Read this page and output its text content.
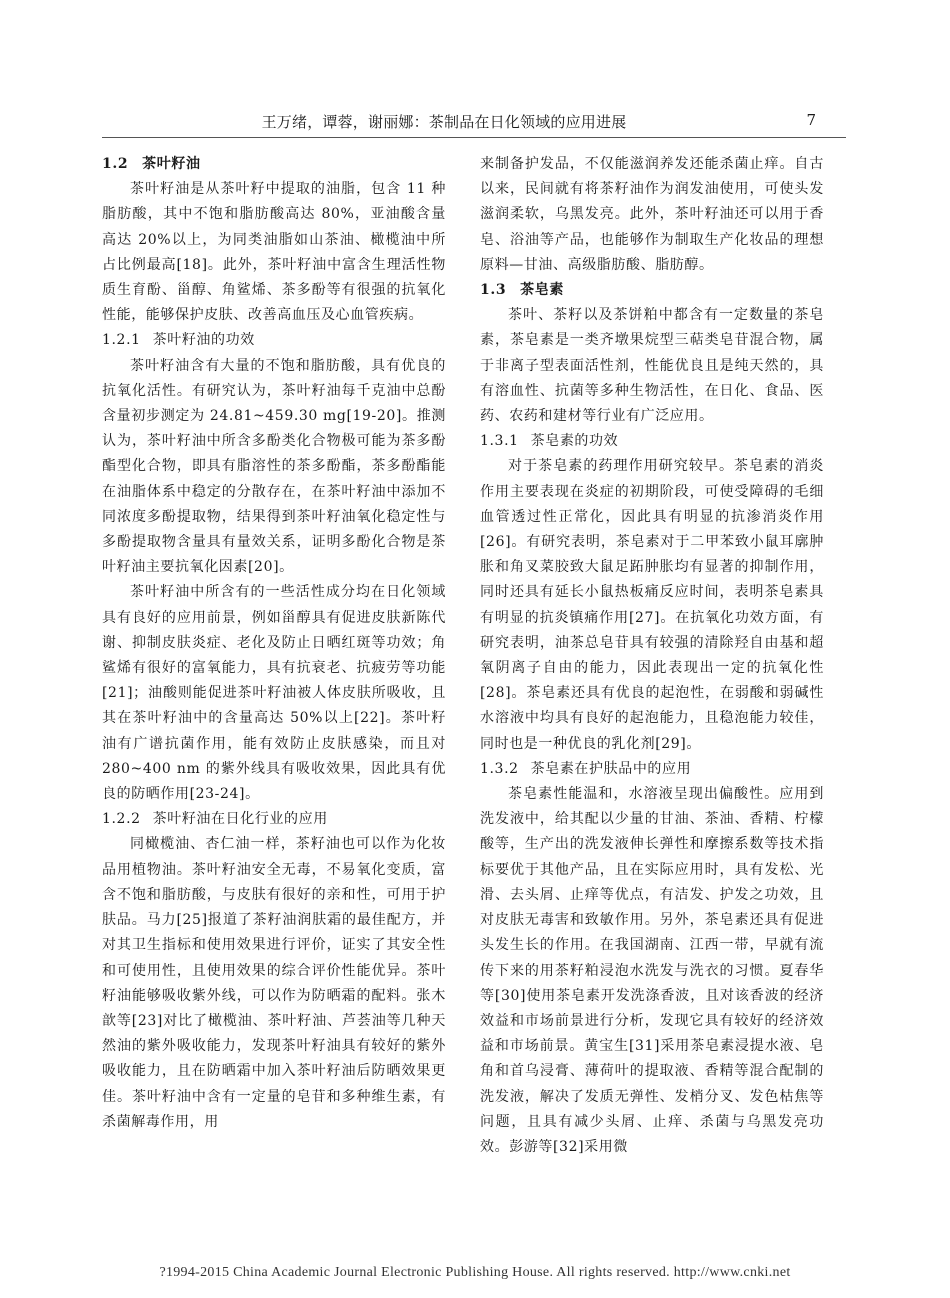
王万绪，谭蓉，谢丽娜：茶制品在日化领域的应用进展	7
1.2 茶叶籽油

茶叶籽油是从茶叶籽中提取的油脂，包含 11 种脂肪酸，其中不饱和脂肪酸高达 80%，亚油酸含量高达 20%以上，为同类油脂如山茶油、橄榄油中所占比例最高[18]。此外，茶叶籽油中富含生理活性物质生育酚、甾醇、角鲨烯、茶多酚等有很强的抗氧化性能，能够保护皮肤、改善高血压及心血管疾病。

1.2.1 茶叶籽油的功效

茶叶籽油含有大量的不饱和脂肪酸，具有优良的抗氧化活性。有研究认为，茶叶籽油每千克油中总酚含量初步测定为 24.81~459.30 mg[19-20]。推测认为，茶叶籽油中所含多酚类化合物极可能为茶多酚酯型化合物，即具有脂溶性的茶多酚酯，茶多酚酯能在油脂体系中稳定的分散存在，在茶叶籽油中添加不同浓度多酚提取物，结果得到茶叶籽油氧化稳定性与多酚提取物含量具有量效关系，证明多酚化合物是茶叶籽油主要抗氧化因素[20]。

茶叶籽油中所含有的一些活性成分均在日化领域具有良好的应用前景，例如甾醇具有促进皮肤新陈代谢、抑制皮肤炎症、老化及防止日晒红斑等功效；角鲨烯有很好的富氧能力，具有抗衰老、抗疲劳等功能[21]；油酸则能促进茶叶籽油被人体皮肤所吸收，且其在茶叶籽油中的含量高达 50%以上[22]。茶叶籽油有广谱抗菌作用，能有效防止皮肤感染，而且对 280~400 nm 的紫外线具有吸收效果，因此具有优良的防晒作用[23-24]。

1.2.2 茶叶籽油在日化行业的应用

同橄榄油、杏仁油一样，茶籽油也可以作为化妆品用植物油。茶叶籽油安全无毒，不易氧化变质，富含不饱和脂肪酸，与皮肤有很好的亲和性，可用于护肤品。马力[25]报道了茶籽油润肤霜的最佳配方，并对其卫生指标和使用效果进行评价，证实了其安全性和可使用性，且使用效果的综合评价性能优异。茶叶籽油能够吸收紫外线，可以作为防晒霜的配料。张木歆等[23]对比了橄榄油、茶叶籽油、芦荟油等几种天然油的紫外吸收能力，发现茶叶籽油具有较好的紫外吸收能力，且在防晒霜中加入茶叶籽油后防晒效果更佳。茶叶籽油中含有一定量的皂苷和多种维生素，有杀菌解毒作用，用

来制备护发品，不仅能滋润养发还能杀菌止痒。自古以来，民间就有将茶籽油作为润发油使用，可使头发滋润柔软，乌黑发亮。此外，茶叶籽油还可以用于香皂、浴油等产品，也能够作为制取生产化妆品的理想原料—甘油、高级脂肪酸、脂肪醇。

1.3 茶皂素

茶叶、茶籽以及茶饼粕中都含有一定数量的茶皂素，茶皂素是一类齐墩果烷型三萜类皂苷混合物，属于非离子型表面活性剂，性能优良且是纯天然的，具有溶血性、抗菌等多种生物活性，在日化、食品、医药、农药和建材等行业有广泛应用。

1.3.1 茶皂素的功效

对于茶皂素的药理作用研究较早。茶皂素的消炎作用主要表现在炎症的初期阶段，可使受障碍的毛细血管透过性正常化，因此具有明显的抗渗消炎作用[26]。有研究表明，茶皂素对于二甲苯致小鼠耳廓肿胀和角叉菜胶致大鼠足跖肿胀均有显著的抑制作用，同时还具有延长小鼠热板痛反应时间，表明茶皂素具有明显的抗炎镇痛作用[27]。在抗氧化功效方面，有研究表明，油茶总皂苷具有较强的清除羟自由基和超氧阴离子自由的能力，因此表现出一定的抗氧化性[28]。茶皂素还具有优良的起泡性，在弱酸和弱碱性水溶液中均具有良好的起泡能力，且稳泡能力较佳，同时也是一种优良的乳化剂[29]。

1.3.2 茶皂素在护肤品中的应用

茶皂素性能温和，水溶液呈现出偏酸性。应用到洗发液中，给其配以少量的甘油、茶油、香精、柠檬酸等，生产出的洗发液伸长弹性和摩擦系数等技术指标要优于其他产品，且在实际应用时，具有发松、光滑、去头屑、止痒等优点，有洁发、护发之功效，且对皮肤无毒害和致敏作用。另外，茶皂素还具有促进头发生长的作用。在我国湖南、江西一带，早就有流传下来的用茶籽粕浸泡水洗发与洗衣的习惯。夏春华等[30]使用茶皂素开发洗涤香波，且对该香波的经济效益和市场前景进行分析，发现它具有较好的经济效益和市场前景。黄宝生[31]采用茶皂素浸提水液、皂角和首乌浸膏、薄荷叶的提取液、香精等混合配制的洗发液，解决了发质无弹性、发梢分叉、发色枯焦等问题，且具有减少头屑、止痒、杀菌与乌黑发亮功效。彭游等[32]采用微

?1994-2015 China Academic Journal Electronic Publishing House. All rights reserved. http://www.cnki.net
